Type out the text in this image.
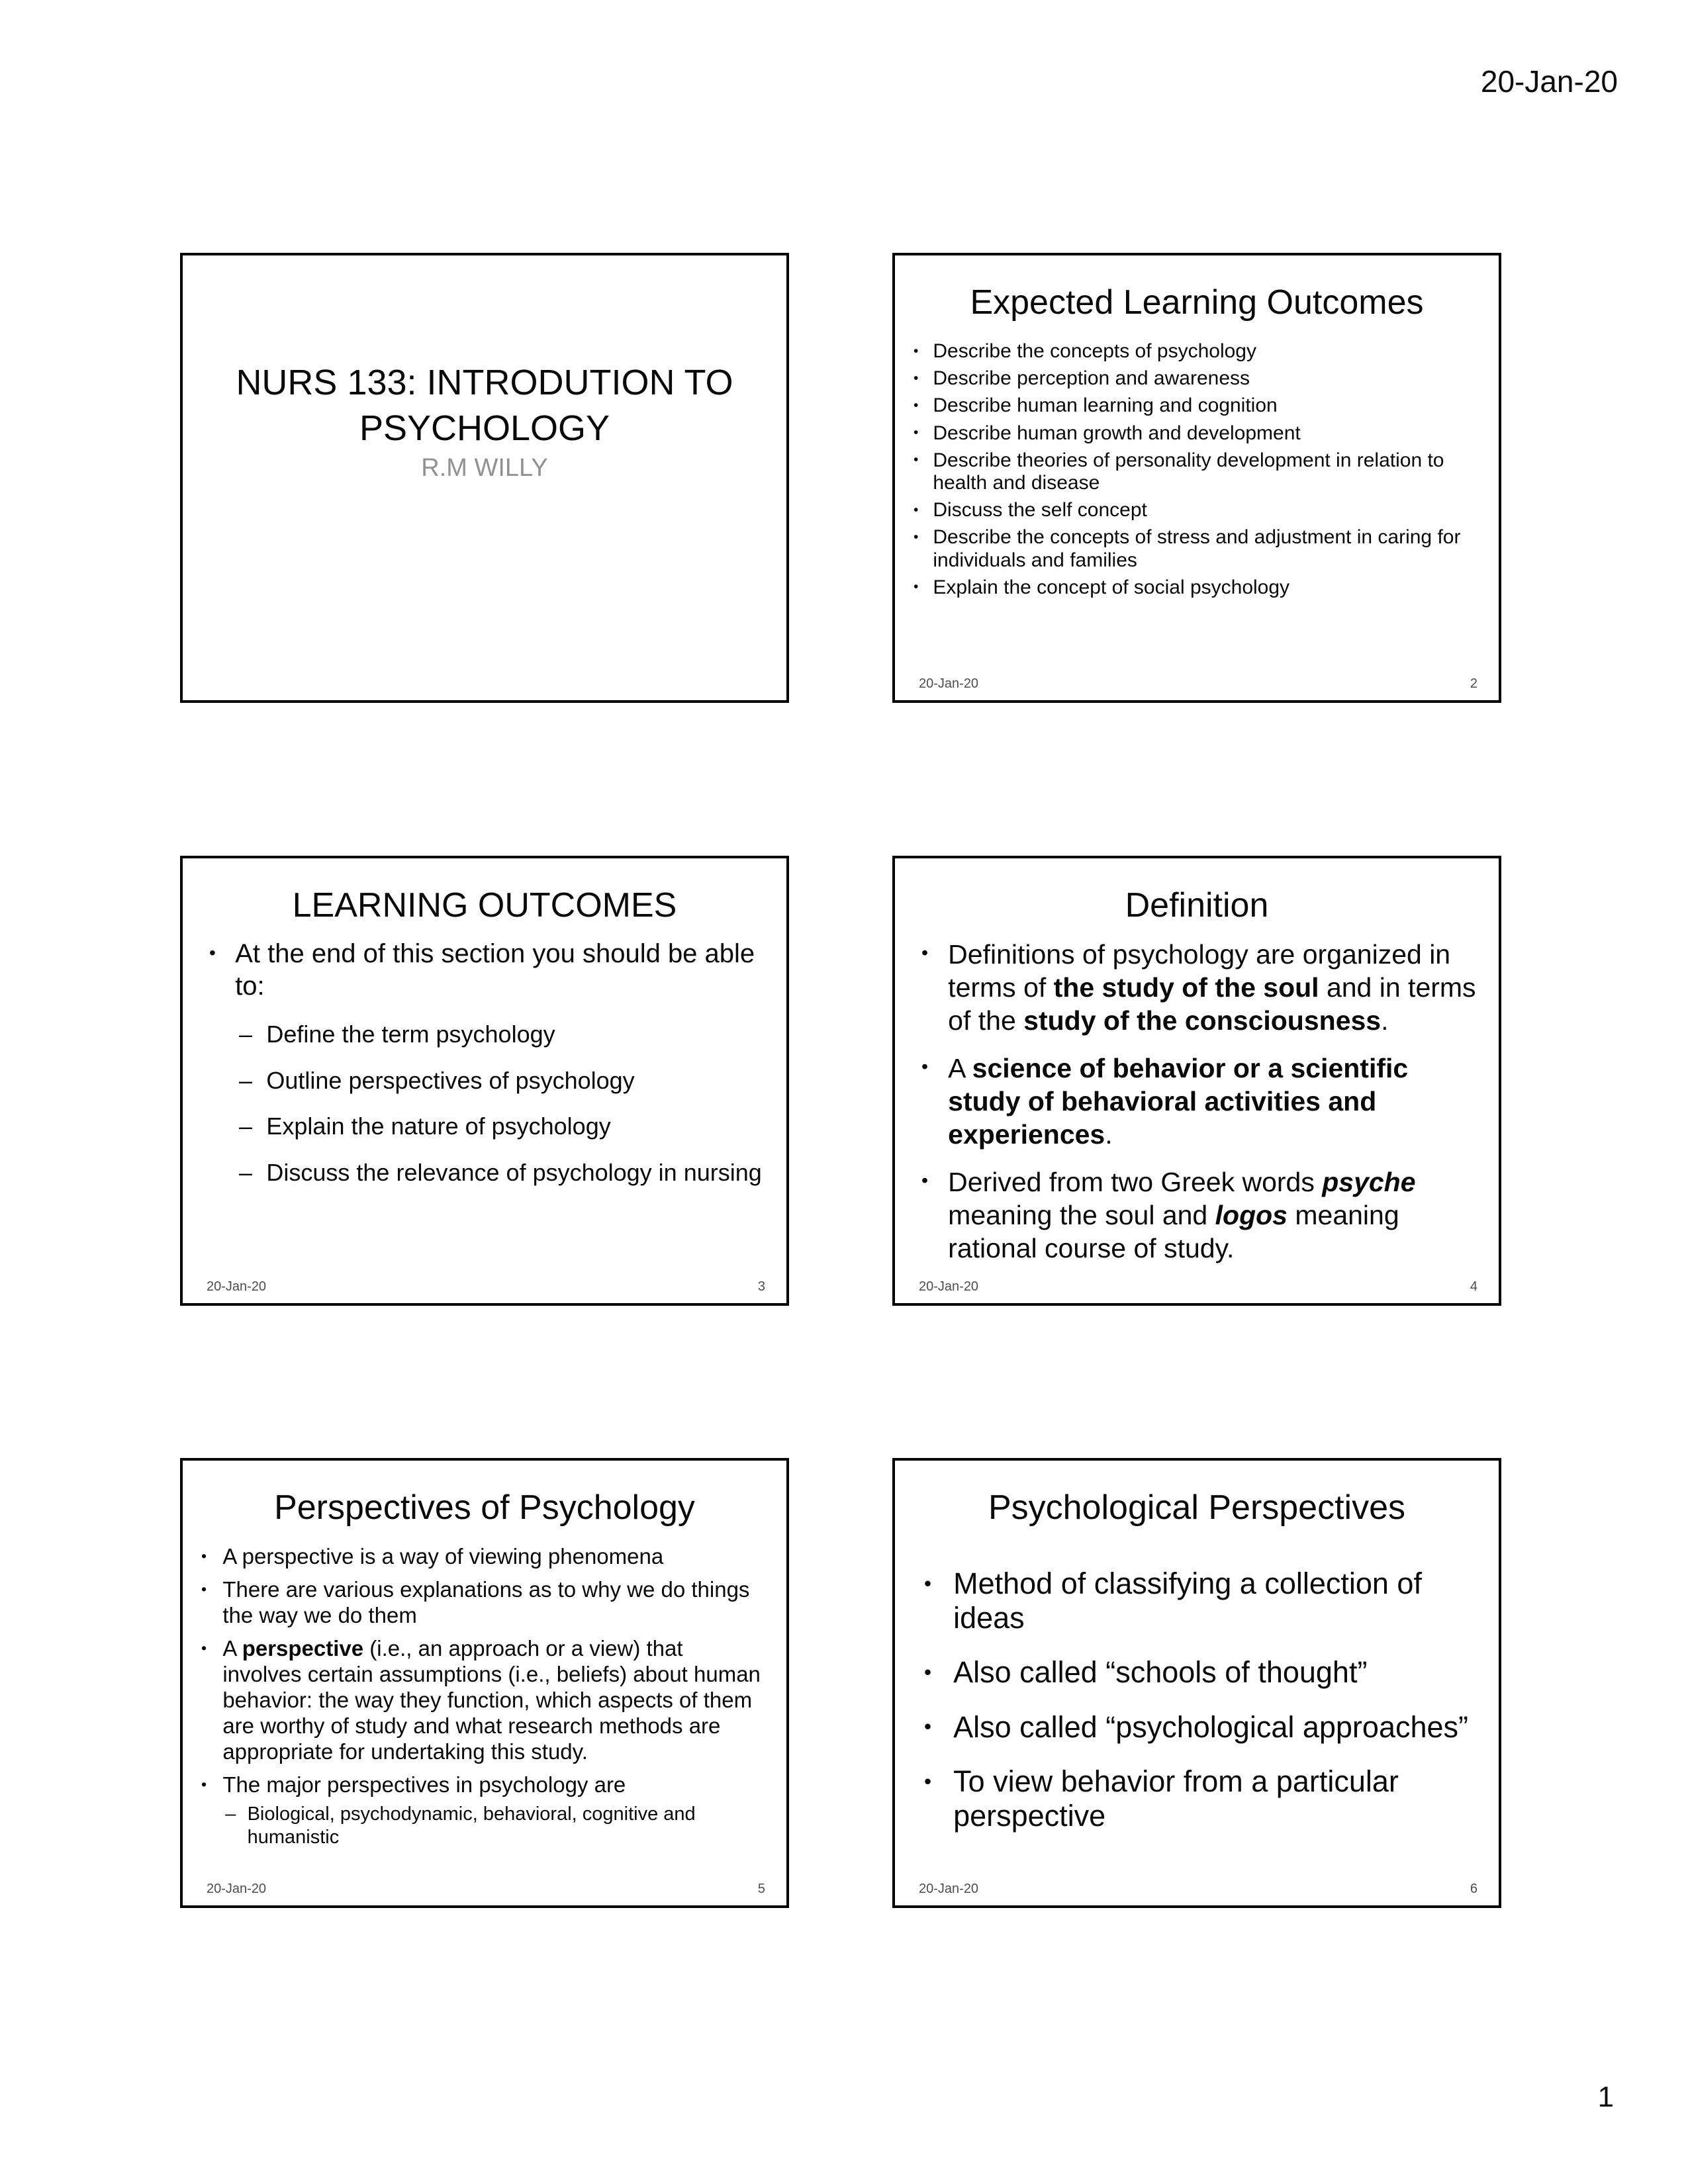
20-Jan-20
NURS 133: INTRODUTION TO
PSYCHOLOGY
R.M WILLY
Expected Learning Outcomes
• Describe the concepts of psychology
• Describe perception and awareness
• Describe human learning and cognition
• Describe human growth and development
• Describe theories of personality development in relation to health and disease
• Discuss the self concept
• Describe the concepts of stress and adjustment in caring for individuals and families
• Explain the concept of social psychology
20-Jan-20	2
LEARNING OUTCOMES
• At the end of this section you should be able to:
– Define the term psychology
– Outline perspectives of psychology
– Explain the nature of psychology
– Discuss the relevance of psychology in nursing
20-Jan-20	3
Definition
• Definitions of psychology are organized in terms of the study of the soul and in terms of the study of the consciousness.
• A science of behavior or a scientific study of behavioral activities and experiences.
• Derived from two Greek words psyche meaning the soul and logos meaning rational course of study.
20-Jan-20	4
Perspectives of Psychology
• A perspective is a way of viewing phenomena
• There are various explanations as to why we do things the way we do them
• A perspective (i.e., an approach or a view) that involves certain assumptions (i.e., beliefs) about human behavior: the way they function, which aspects of them are worthy of study and what research methods are appropriate for undertaking this study.
• The major perspectives in psychology are
– Biological, psychodynamic, behavioral, cognitive and humanistic
20-Jan-20	5
Psychological Perspectives
• Method of classifying a collection of ideas
• Also called “schools of thought”
• Also called “psychological approaches”
• To view behavior from a particular perspective
20-Jan-20	6
1
